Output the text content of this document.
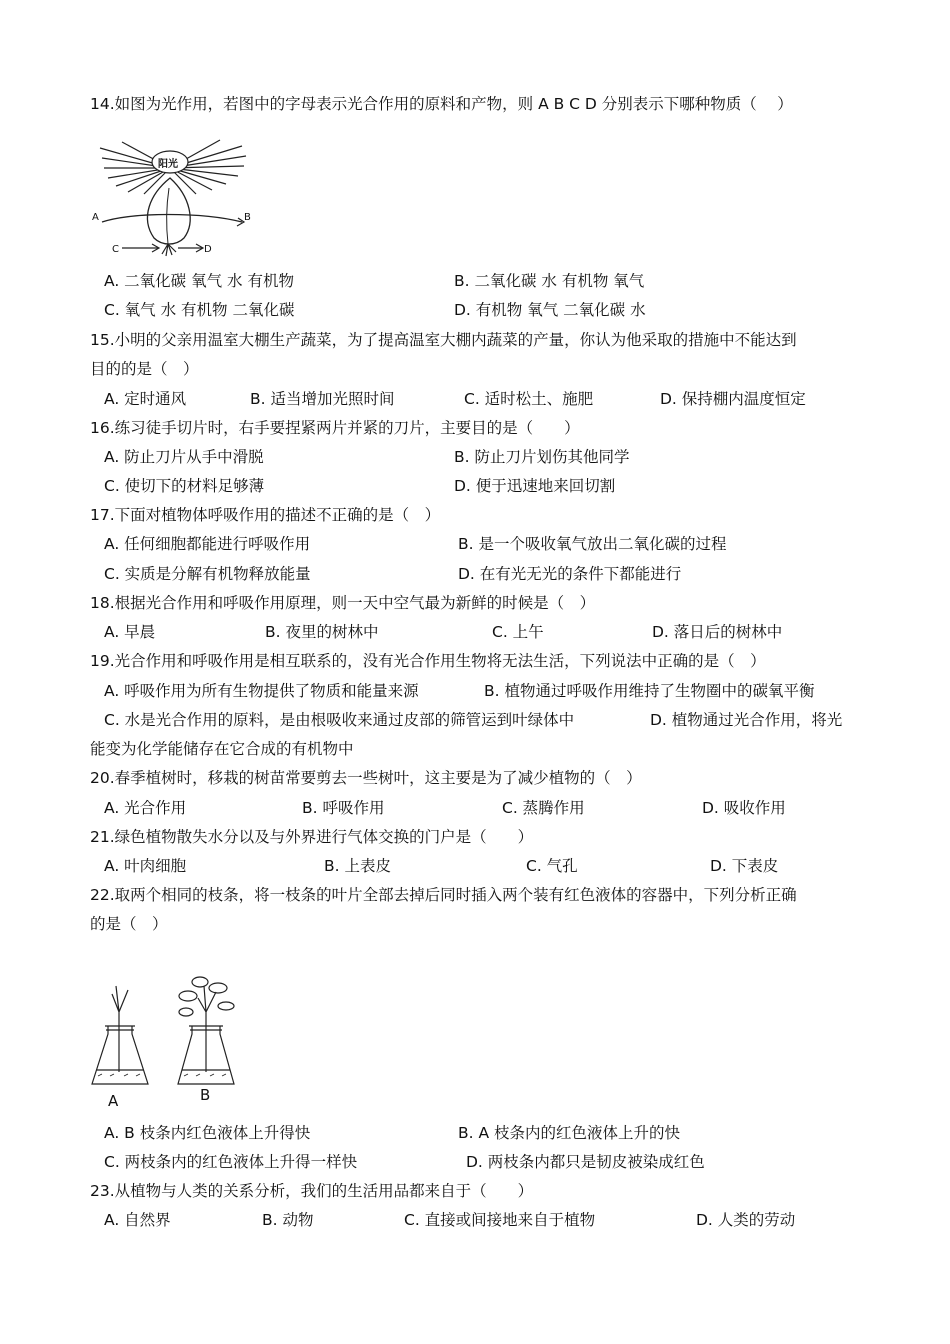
14.如图为光作用，若图中的字母表示光合作用的原料和产物，则 A B C D 分别表示下哪种物质（　 ）
阳光
A	B
C	D
A. 二氧化碳 氧气 水 有机物	B. 二氧化碳 水 有机物 氧气
C. 氧气 水 有机物 二氧化碳	D. 有机物 氧气 二氧化碳 水
15.小明的父亲用温室大棚生产蔬菜，为了提高温室大棚内蔬菜的产量，你认为他采取的措施中不能达到
目的的是（　）
A. 定时通风	B. 适当增加光照时间	C. 适时松土、施肥	D. 保持棚内温度恒定
16.练习徒手切片时，右手要捏紧两片并紧的刀片，主要目的是（　　）
A. 防止刀片从手中滑脱	B. 防止刀片划伤其他同学
C. 使切下的材料足够薄	D. 便于迅速地来回切割
17.下面对植物体呼吸作用的描述不正确的是（　）
A. 任何细胞都能进行呼吸作用	B. 是一个吸收氧气放出二氧化碳的过程
C. 实质是分解有机物释放能量	D. 在有光无光的条件下都能进行
18.根据光合作用和呼吸作用原理，则一天中空气最为新鲜的时候是（　）
A. 早晨	B. 夜里的树林中	C. 上午	D. 落日后的树林中
19.光合作用和呼吸作用是相互联系的，没有光合作用生物将无法生活，下列说法中正确的是（　）
A. 呼吸作用为所有生物提供了物质和能量来源	B. 植物通过呼吸作用维持了生物圈中的碳氧平衡
C. 水是光合作用的原料，是由根吸收来通过皮部的筛管运到叶绿体中	D. 植物通过光合作用，将光
能变为化学能储存在它合成的有机物中
20.春季植树时，移栽的树苗常要剪去一些树叶，这主要是为了减少植物的（　）
A. 光合作用	B. 呼吸作用	C. 蒸腾作用	D. 吸收作用
21.绿色植物散失水分以及与外界进行气体交换的门户是（　　）
A. 叶肉细胞	B. 上表皮	C. 气孔	D. 下表皮
22.取两个相同的枝条，将一枝条的叶片全部去掉后同时插入两个装有红色液体的容器中，下列分析正确
的是（　）
A	B
A. B 枝条内红色液体上升得快	B. A 枝条内的红色液体上升的快
C. 两枝条内的红色液体上升得一样快	D. 两枝条内都只是韧皮被染成红色
23.从植物与人类的关系分析，我们的生活用品都来自于（　　）
A. 自然界	B. 动物	C. 直接或间接地来自于植物	D. 人类的劳动
